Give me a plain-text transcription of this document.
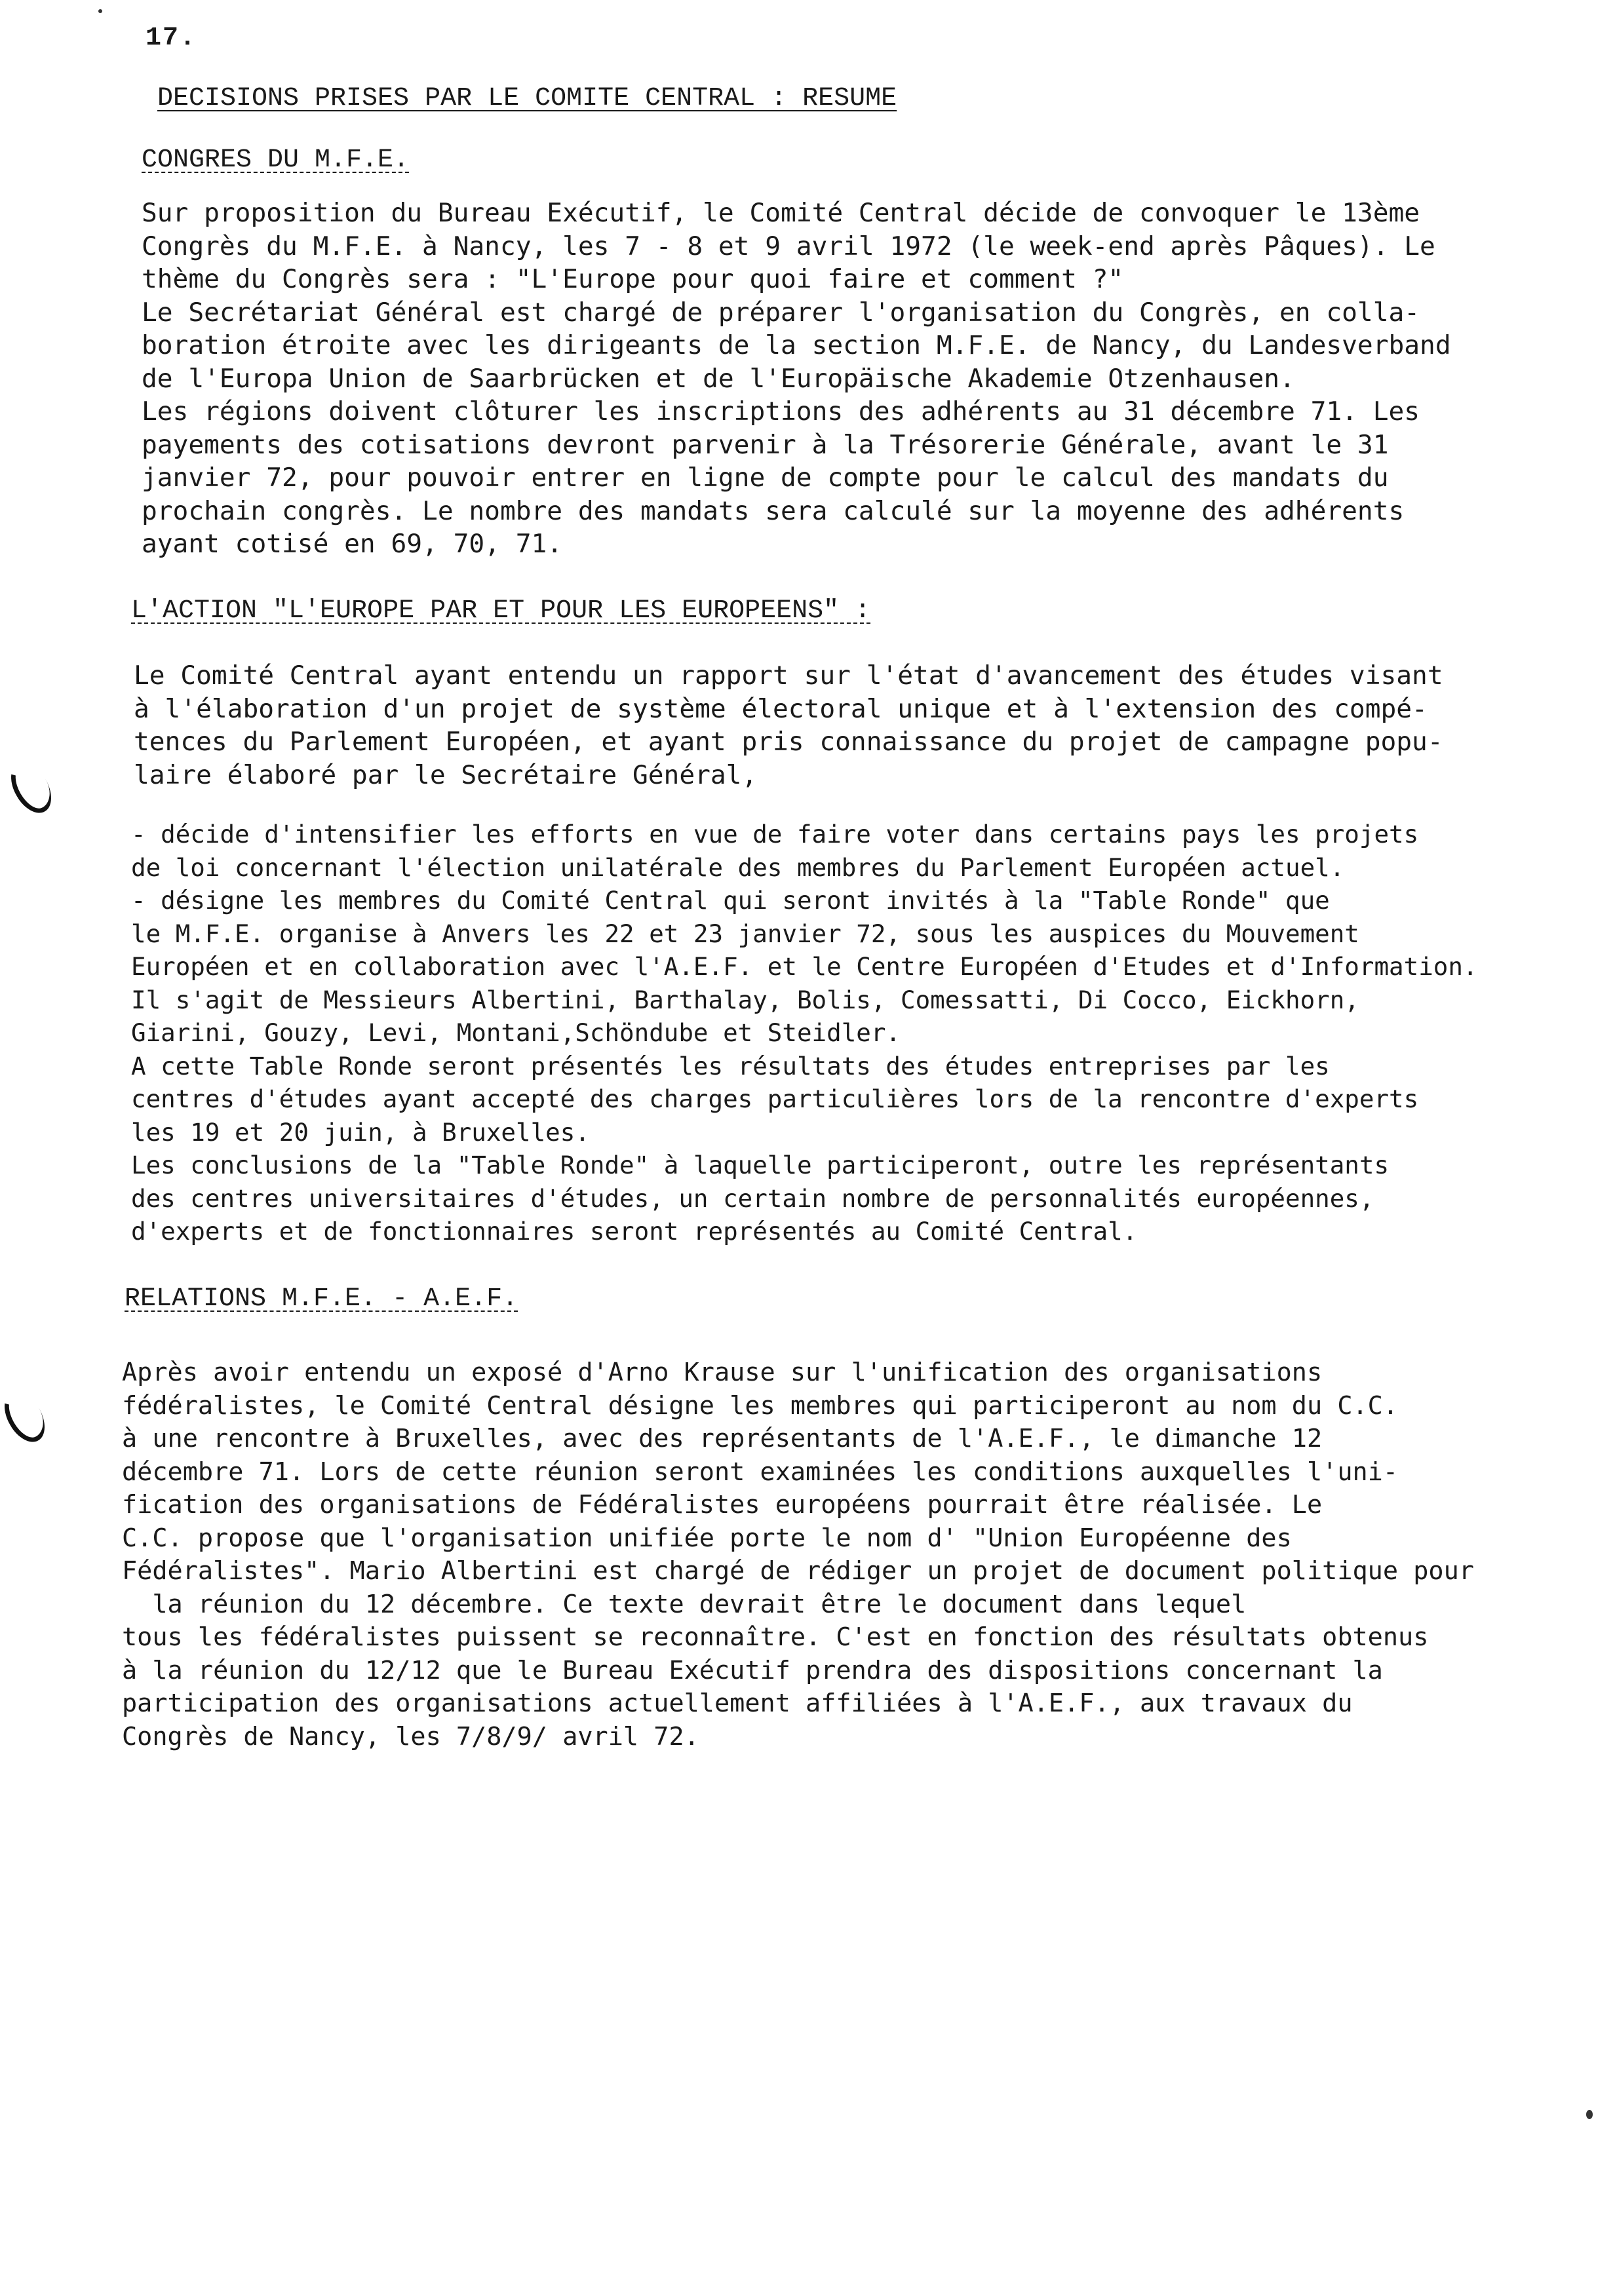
17.
DECISIONS PRISES PAR LE COMITE CENTRAL : RESUME
CONGRES DU M.F.E.
Sur proposition du Bureau Exécutif, le Comité Central décide de convoquer le 13ème
Congrès du M.F.E. à Nancy, les 7 - 8 et 9 avril 1972 (le week-end après Pâques). Le
thème du Congrès sera : "L'Europe pour quoi faire et comment ?"
Le Secrétariat Général est chargé de préparer l'organisation du Congrès, en colla-
boration étroite avec les dirigeants de la section M.F.E. de Nancy, du Landesverband
de l'Europa Union de Saarbrücken et de l'Europäische Akademie Otzenhausen.
Les régions doivent clôturer les inscriptions des adhérents au 31 décembre 71. Les
payements des cotisations devront parvenir à la Trésorerie Générale, avant le 31
janvier 72, pour pouvoir entrer en ligne de compte pour le calcul des mandats du
prochain congrès. Le nombre des mandats sera calculé sur la moyenne des adhérents
ayant cotisé en 69, 70, 71.
L'ACTION "L'EUROPE PAR ET POUR LES EUROPEENS" :
Le Comité Central ayant entendu un rapport sur l'état d'avancement des études visant
à l'élaboration d'un projet de système électoral unique et à l'extension des compé-
tences du Parlement Européen, et ayant pris connaissance du projet de campagne popu-
laire élaboré par le Secrétaire Général,
- décide d'intensifier les efforts en vue de faire voter dans certains pays les projets
de loi concernant l'élection unilatérale des membres du Parlement Européen actuel.
- désigne les membres du Comité Central qui seront invités à la "Table Ronde" que
le M.F.E. organise à Anvers les 22 et 23 janvier 72, sous les auspices du Mouvement
Européen et en collaboration avec l'A.E.F. et le Centre Européen d'Etudes et d'Information.
Il s'agit de Messieurs Albertini, Barthalay, Bolis, Comessatti, Di Cocco, Eickhorn,
Giarini, Gouzy, Levi, Montani,Schöndube et Steidler.
A cette Table Ronde seront présentés les résultats des études entreprises par les
centres d'études ayant accepté des charges particulières lors de la rencontre d'experts
les 19 et 20 juin, à Bruxelles.
Les conclusions de la "Table Ronde" à laquelle participeront, outre les représentants
des centres universitaires d'études, un certain nombre de personnalités européennes,
d'experts et de fonctionnaires seront représentés au Comité Central.
RELATIONS M.F.E. - A.E.F.
Après avoir entendu un exposé d'Arno Krause sur l'unification des organisations
fédéralistes, le Comité Central désigne les membres qui participeront au nom du C.C.
à une rencontre à Bruxelles, avec des représentants de l'A.E.F., le dimanche 12
décembre 71. Lors de cette réunion seront examinées les conditions auxquelles l'uni-
fication des organisations de Fédéralistes européens pourrait être réalisée. Le
C.C. propose que l'organisation unifiée porte le nom d' "Union Européenne des
Fédéralistes". Mario Albertini est chargé de rédiger un projet de document politique pour
la réunion du 12 décembre. Ce texte devrait être le document dans lequel
tous les fédéralistes puissent se reconnaître. C'est en fonction des résultats obtenus
à la réunion du 12/12 que le Bureau Exécutif prendra des dispositions concernant la
participation des organisations actuellement affiliées à l'A.E.F., aux travaux du
Congrès de Nancy, les 7/8/9/ avril 72.
